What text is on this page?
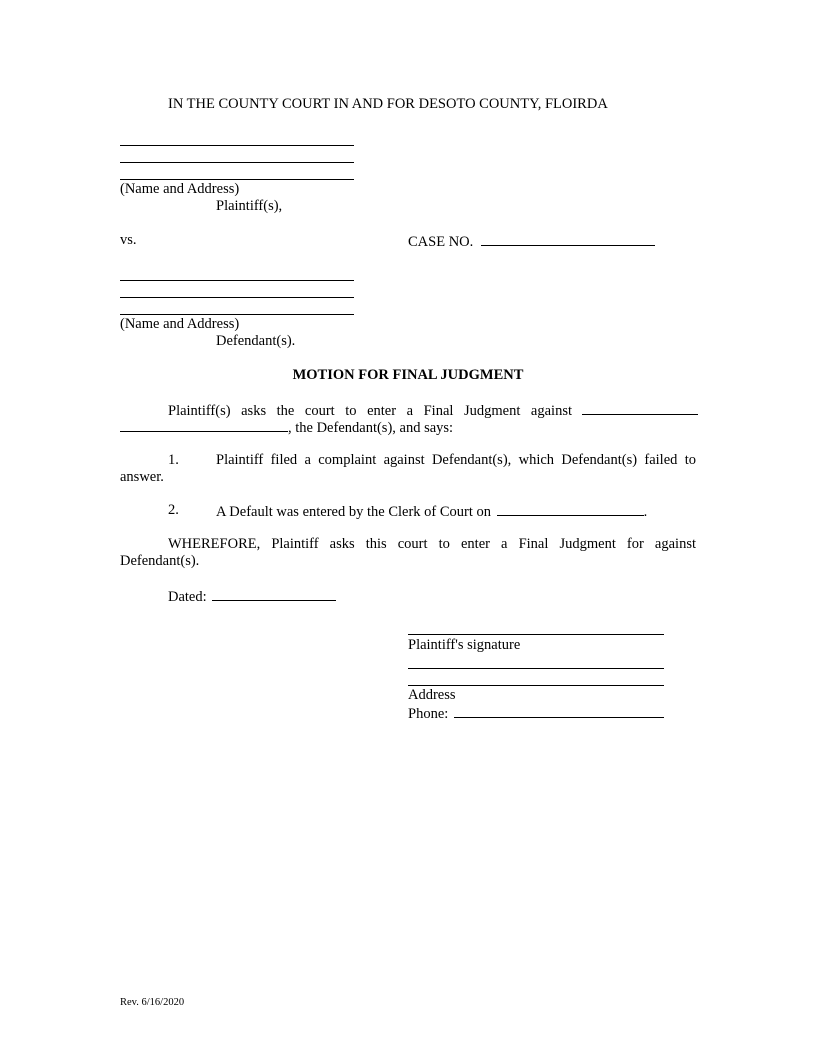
IN THE COUNTY COURT IN AND FOR DESOTO COUNTY, FLOIRDA
(Name and Address)
Plaintiff(s),
vs.	CASE NO.
(Name and Address)
Defendant(s).
MOTION FOR FINAL JUDGMENT
Plaintiff(s) asks the court to enter a Final Judgment against
, the Defendant(s), and says:
1.	Plaintiff filed a complaint against Defendant(s), which Defendant(s) failed to
answer.
2.	A Default was entered by the Clerk of Court on	.
WHEREFORE, Plaintiff asks this court to enter a Final Judgment for against
Defendant(s).
Dated:
Plaintiff's signature
Address
Phone:
Rev. 6/16/2020
